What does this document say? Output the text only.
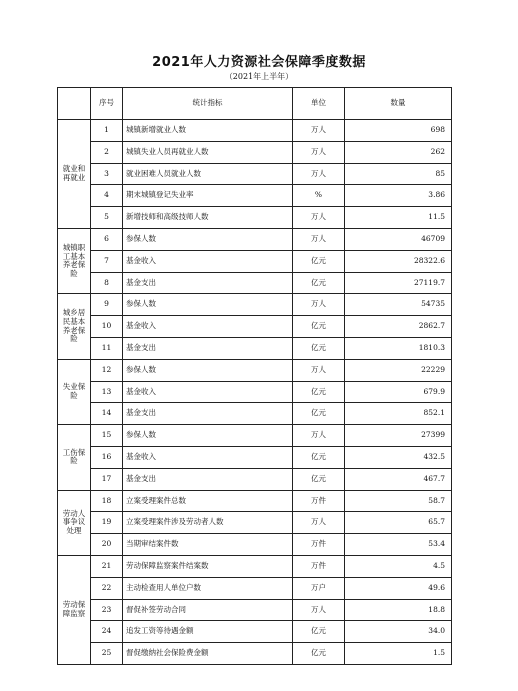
2021年人力资源社会保障季度数据
（2021年上半年）
	序号	统计指标	单位	数量
就业和再就业	1	城镇新增就业人数	万人	698
	2	城镇失业人员再就业人数	万人	262
	3	就业困难人员就业人数	万人	85
	4	期末城镇登记失业率	%	3.86
	5	新增技师和高级技师人数	万人	11.5
城镇职工基本养老保险	6	参保人数	万人	46709
	7	基金收入	亿元	28322.6
	8	基金支出	亿元	27119.7
城乡居民基本养老保险	9	参保人数	万人	54735
	10	基金收入	亿元	2862.7
	11	基金支出	亿元	1810.3
失业保险	12	参保人数	万人	22229
	13	基金收入	亿元	679.9
	14	基金支出	亿元	852.1
工伤保险	15	参保人数	万人	27399
	16	基金收入	亿元	432.5
	17	基金支出	亿元	467.7
劳动人事争议处理	18	立案受理案件总数	万件	58.7
	19	立案受理案件涉及劳动者人数	万人	65.7
	20	当期审结案件数	万件	53.4
劳动保障监察	21	劳动保障监察案件结案数	万件	4.5
	22	主动检查用人单位户数	万户	49.6
	23	督促补签劳动合同	万人	18.8
	24	追发工资等待遇金额	亿元	34.0
	25	督促缴纳社会保险费金额	亿元	1.5
